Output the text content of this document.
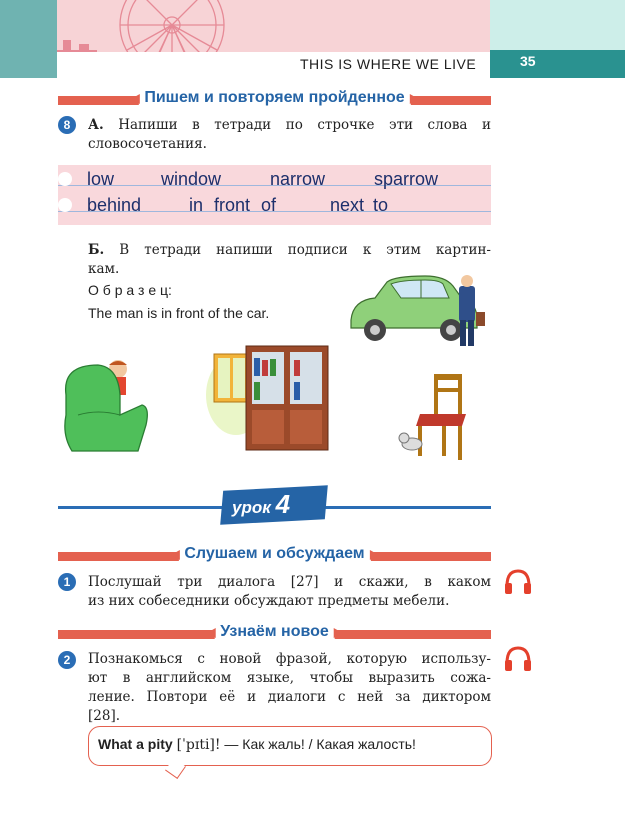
THIS IS WHERE WE LIVE	35
Пишем и повторяем пройденное
8	А. Напиши в тетради по строчке эти слова и
словосочетания.
low	window	narrow	sparrow
behind	in front of	next to
Б. В тетради напиши подписи к этим картин-
кам.
О б р а з е ц:
The man is in front of the car.
урок 4
Слушаем и обсуждаем
1	Послушай три диалога [27] и скажи, в каком
из них собеседники обсуждают предметы мебели.
Узнаём новое
2	Познакомься с новой фразой, которую использу-
ют в английском языке, чтобы выразить сожа-
ление. Повтори её и диалоги с ней за диктором
[28].
What a pity [ˈpɪti]! — Как жаль! / Какая жалость!
